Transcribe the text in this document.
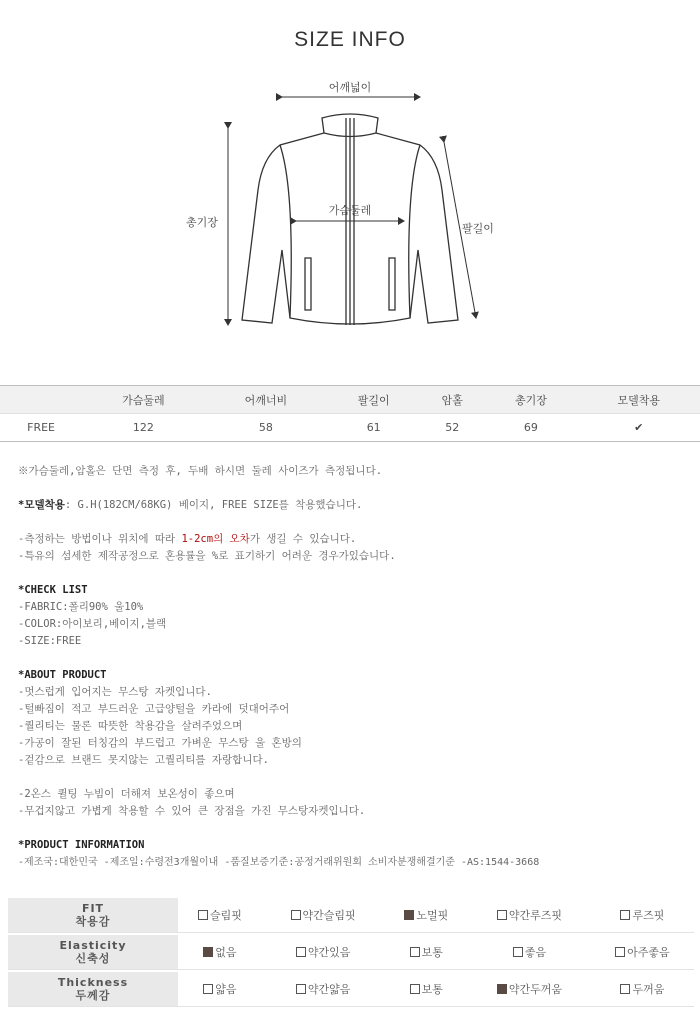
SIZE INFO
어깨넓이
가슴둘레
총기장	팔길이
	가슴둘레	어깨너비	팔길이	암홀	총기장	모델착용
FREE	122	58	61	52	69	✔

※가슴둘레,암홀은 단면 측정 후, 두배 하시면 둘레 사이즈가 측정됩니다.

*모델착용: G.H(182CM/68KG) 베이지, FREE SIZE를 착용했습니다.

-측정하는 방법이나 위치에 따라 1-2cm의 오차가 생길 수 있습니다.

-특유의 섬세한 제작공정으로 혼용률을 %로 표기하기 어려운 경우가있습니다.

*CHECK LIST

-FABRIC:폴리90% 울10%

-COLOR:아이보리,베이지,블랙

-SIZE:FREE

*ABOUT PRODUCT

-멋스럽게 입어지는 무스탕 자켓입니다.

-털빠짐이 적고 부드러운 고급양털을 카라에 덧대어주어

-퀄리티는 물론 따뜻한 착용감을 살려주었으며

-가공이 잘된 터칭감의 부드럽고 가벼운 무스탕 울 혼방의

-겉감으로 브랜드 못지않는 고퀄리티를 자랑합니다.

-2온스 퀼팅 누빔이 더해져 보온성이 좋으며

-무겁지않고 가볍게 착용할 수 있어 큰 장점을 가진 무스탕자켓입니다.

*PRODUCT INFORMATION

-제조국:대한민국 -제조일:수령전3개월이내 -품질보증기준:공정거래위원회 소비자분쟁해결기준 -AS:1544-3668

FIT
착용감	슬림핏	약간슬림핏	노멀핏	약간루즈핏	루즈핏
Elasticity
신축성	없음	약간있음	보통	좋음	아주좋음
Thickness
두께감	얇음	약간얇음	보통	약간두꺼움	두꺼움
